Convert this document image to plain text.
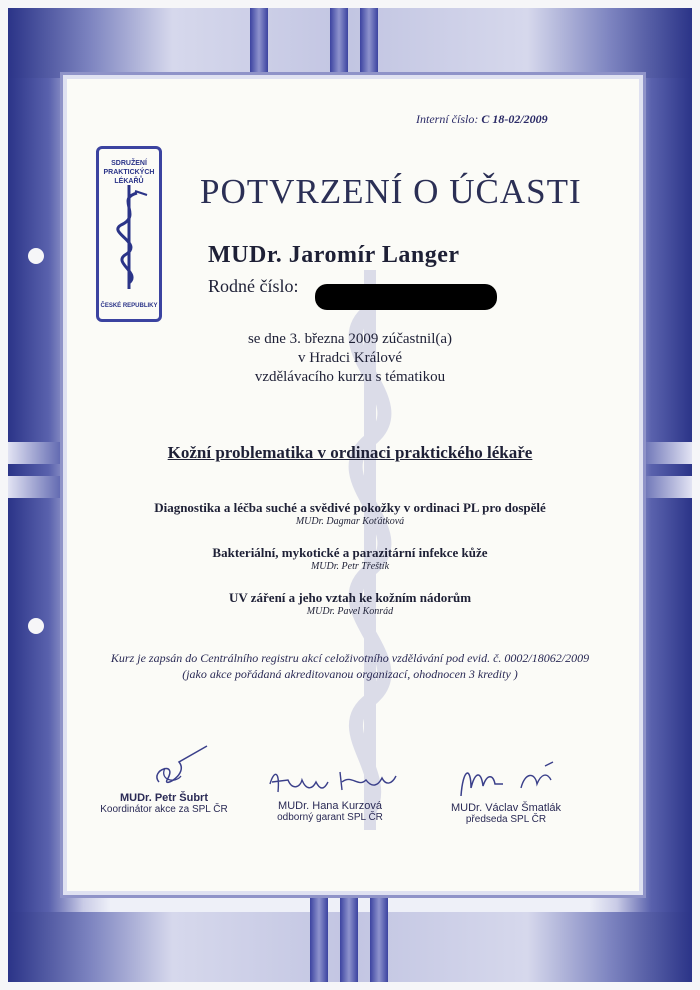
Interní číslo: C 18-02/2009
SDRUŽENÍ PRAKTICKÝCH LÉKAŘŮ
ČESKÉ REPUBLIKY
POTVRZENÍ O ÚČASTI
MUDr. Jaromír Langer
Rodné číslo:
se dne 3. března 2009 zúčastnil(a)
v Hradci Králové
vzdělávacího kurzu s tématikou
Kožní problematika v ordinaci praktického lékaře
Diagnostika a léčba suché a svědivé pokožky v ordinaci PL pro dospělé
MUDr. Dagmar Koťátková
Bakteriální, mykotické a parazitární infekce kůže
MUDr. Petr Třeštík
UV záření a jeho vztah ke kožním nádorům
MUDr. Pavel Konrád
Kurz je zapsán do Centrálního registru akcí celoživotního vzdělávání pod evid. č. 0002/18062/2009
(jako akce pořádaná akreditovanou organizací, ohodnocen 3 kredity )
MUDr. Petr Šubrt
Koordinátor akce za SPL ČR	MUDr. Hana Kurzová
odborný garant SPL ČR
MUDr. Václav Šmatlák
předseda SPL ČR
